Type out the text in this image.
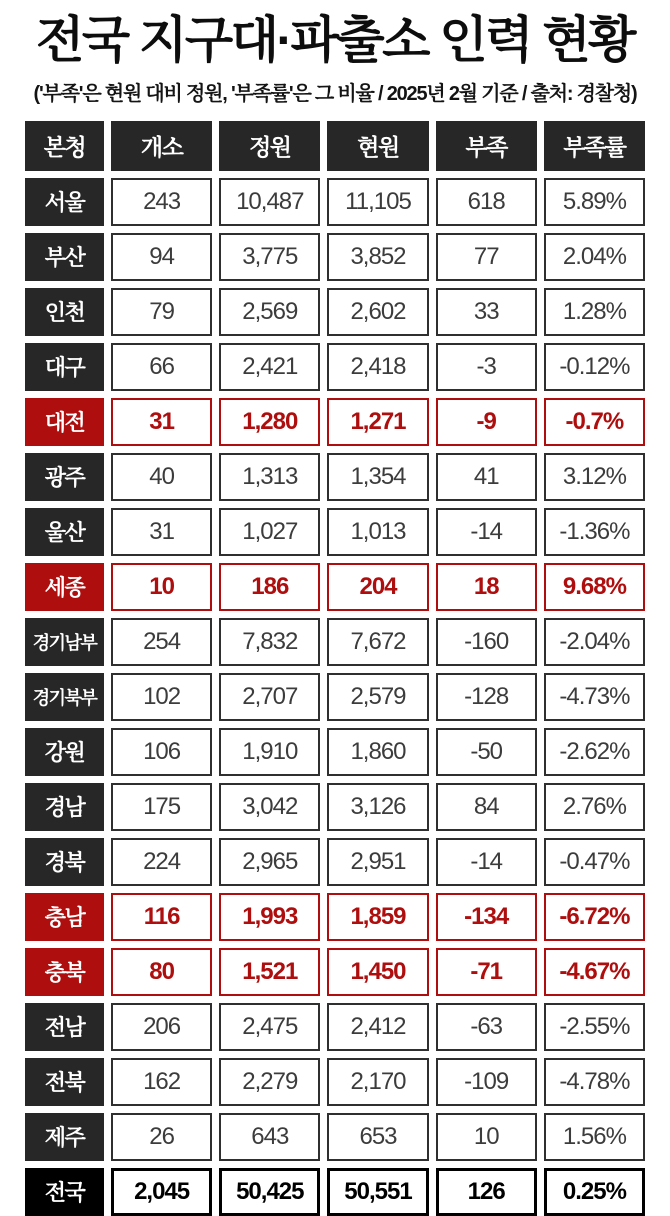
전국 지구대·파출소 인력 현황
('부족'은 현원 대비 정원, '부족률'은 그 비율 / 2025년 2월 기준 / 출처: 경찰청)
본청	개소	정원	현원	부족	부족률
서울	243	10,487	11,105	618	5.89%
부산	94	3,775	3,852	77	2.04%
인천	79	2,569	2,602	33	1.28%
대구	66	2,421	2,418	-3	-0.12%
대전	31	1,280	1,271	-9	-0.7%
광주	40	1,313	1,354	41	3.12%
울산	31	1,027	1,013	-14	-1.36%
세종	10	186	204	18	9.68%
경기남부	254	7,832	7,672	-160	-2.04%
경기북부	102	2,707	2,579	-128	-4.73%
강원	106	1,910	1,860	-50	-2.62%
경남	175	3,042	3,126	84	2.76%
경북	224	2,965	2,951	-14	-0.47%
충남	116	1,993	1,859	-134	-6.72%
충북	80	1,521	1,450	-71	-4.67%
전남	206	2,475	2,412	-63	-2.55%
전북	162	2,279	2,170	-109	-4.78%
제주	26	643	653	10	1.56%
전국	2,045	50,425	50,551	126	0.25%
